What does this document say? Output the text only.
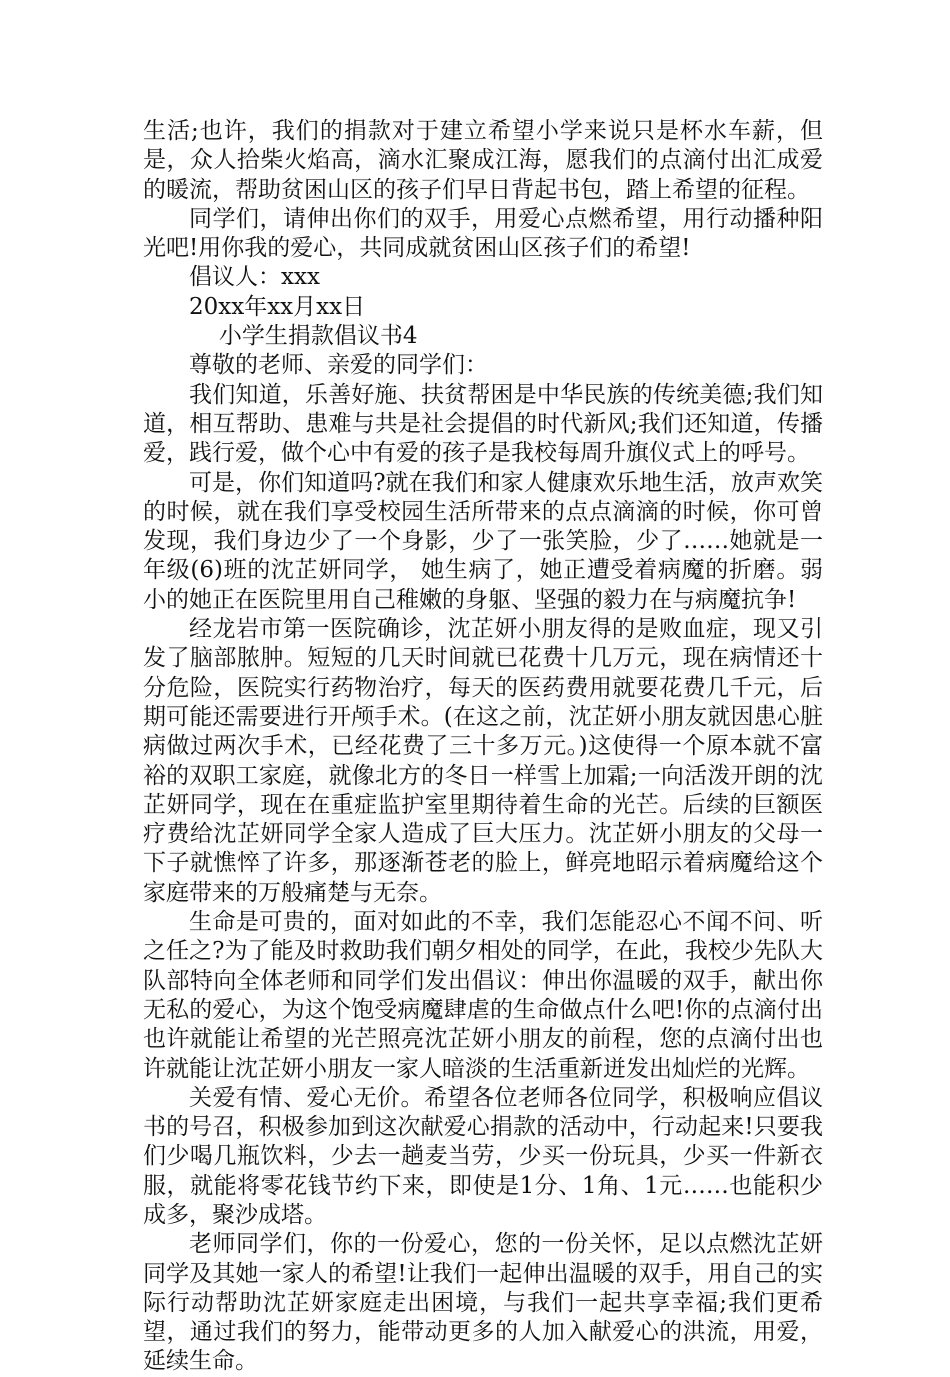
生活;也许，我们的捐款对于建立希望小学来说只是杯水车薪，但是，众人拾柴火焰高，滴水汇聚成江海，愿我们的点滴付出汇成爱的暖流，帮助贫困山区的孩子们早日背起书包，踏上希望的征程。

同学们，请伸出你们的双手，用爱心点燃希望，用行动播种阳光吧!用你我的爱心，共同成就贫困山区孩子们的希望!

倡议人：xxx

20xx年xx月xx日

小学生捐款倡议书4

尊敬的老师、亲爱的同学们：

我们知道，乐善好施、扶贫帮困是中华民族的传统美德;我们知道，相互帮助、患难与共是社会提倡的时代新风;我们还知道，传播爱，践行爱，做个心中有爱的孩子是我校每周升旗仪式上的呼号。

可是，你们知道吗?就在我们和家人健康欢乐地生活，放声欢笑的时候，就在我们享受校园生活所带来的点点滴滴的时候，你可曾发现，我们身边少了一个身影，少了一张笑脸，少了……她就是一年级(6)班的沈芷妍同学， 她生病了，她正遭受着病魔的折磨。弱小的她正在医院里用自己稚嫩的身躯、坚强的毅力在与病魔抗争!

经龙岩市第一医院确诊，沈芷妍小朋友得的是败血症，现又引发了脑部脓肿。短短的几天时间就已花费十几万元，现在病情还十分危险，医院实行药物治疗，每天的医药费用就要花费几千元，后期可能还需要进行开颅手术。(在这之前，沈芷妍小朋友就因患心脏病做过两次手术，已经花费了三十多万元。)这使得一个原本就不富裕的双职工家庭，就像北方的冬日一样雪上加霜;一向活泼开朗的沈芷妍同学，现在在重症监护室里期待着生命的光芒。后续的巨额医疗费给沈芷妍同学全家人造成了巨大压力。沈芷妍小朋友的父母一下子就憔悴了许多，那逐渐苍老的脸上，鲜亮地昭示着病魔给这个家庭带来的万般痛楚与无奈。

生命是可贵的，面对如此的不幸，我们怎能忍心不闻不问、听之任之?为了能及时救助我们朝夕相处的同学，在此，我校少先队大队部特向全体老师和同学们发出倡议：伸出你温暖的双手，献出你无私的爱心，为这个饱受病魔肆虐的生命做点什么吧!你的点滴付出也许就能让希望的光芒照亮沈芷妍小朋友的前程，您的点滴付出也许就能让沈芷妍小朋友一家人暗淡的生活重新迸发出灿烂的光辉。

关爱有情、爱心无价。希望各位老师各位同学，积极响应倡议书的号召，积极参加到这次献爱心捐款的活动中，行动起来!只要我们少喝几瓶饮料，少去一趟麦当劳，少买一份玩具，少买一件新衣服，就能将零花钱节约下来，即使是1分、1角、1元……也能积少成多，聚沙成塔。

老师同学们，你的一份爱心，您的一份关怀，足以点燃沈芷妍同学及其她一家人的希望!让我们一起伸出温暖的双手，用自己的实际行动帮助沈芷妍家庭走出困境，与我们一起共享幸福;我们更希望，通过我们的努力，能带动更多的人加入献爱心的洪流，用爱，延续生命。
